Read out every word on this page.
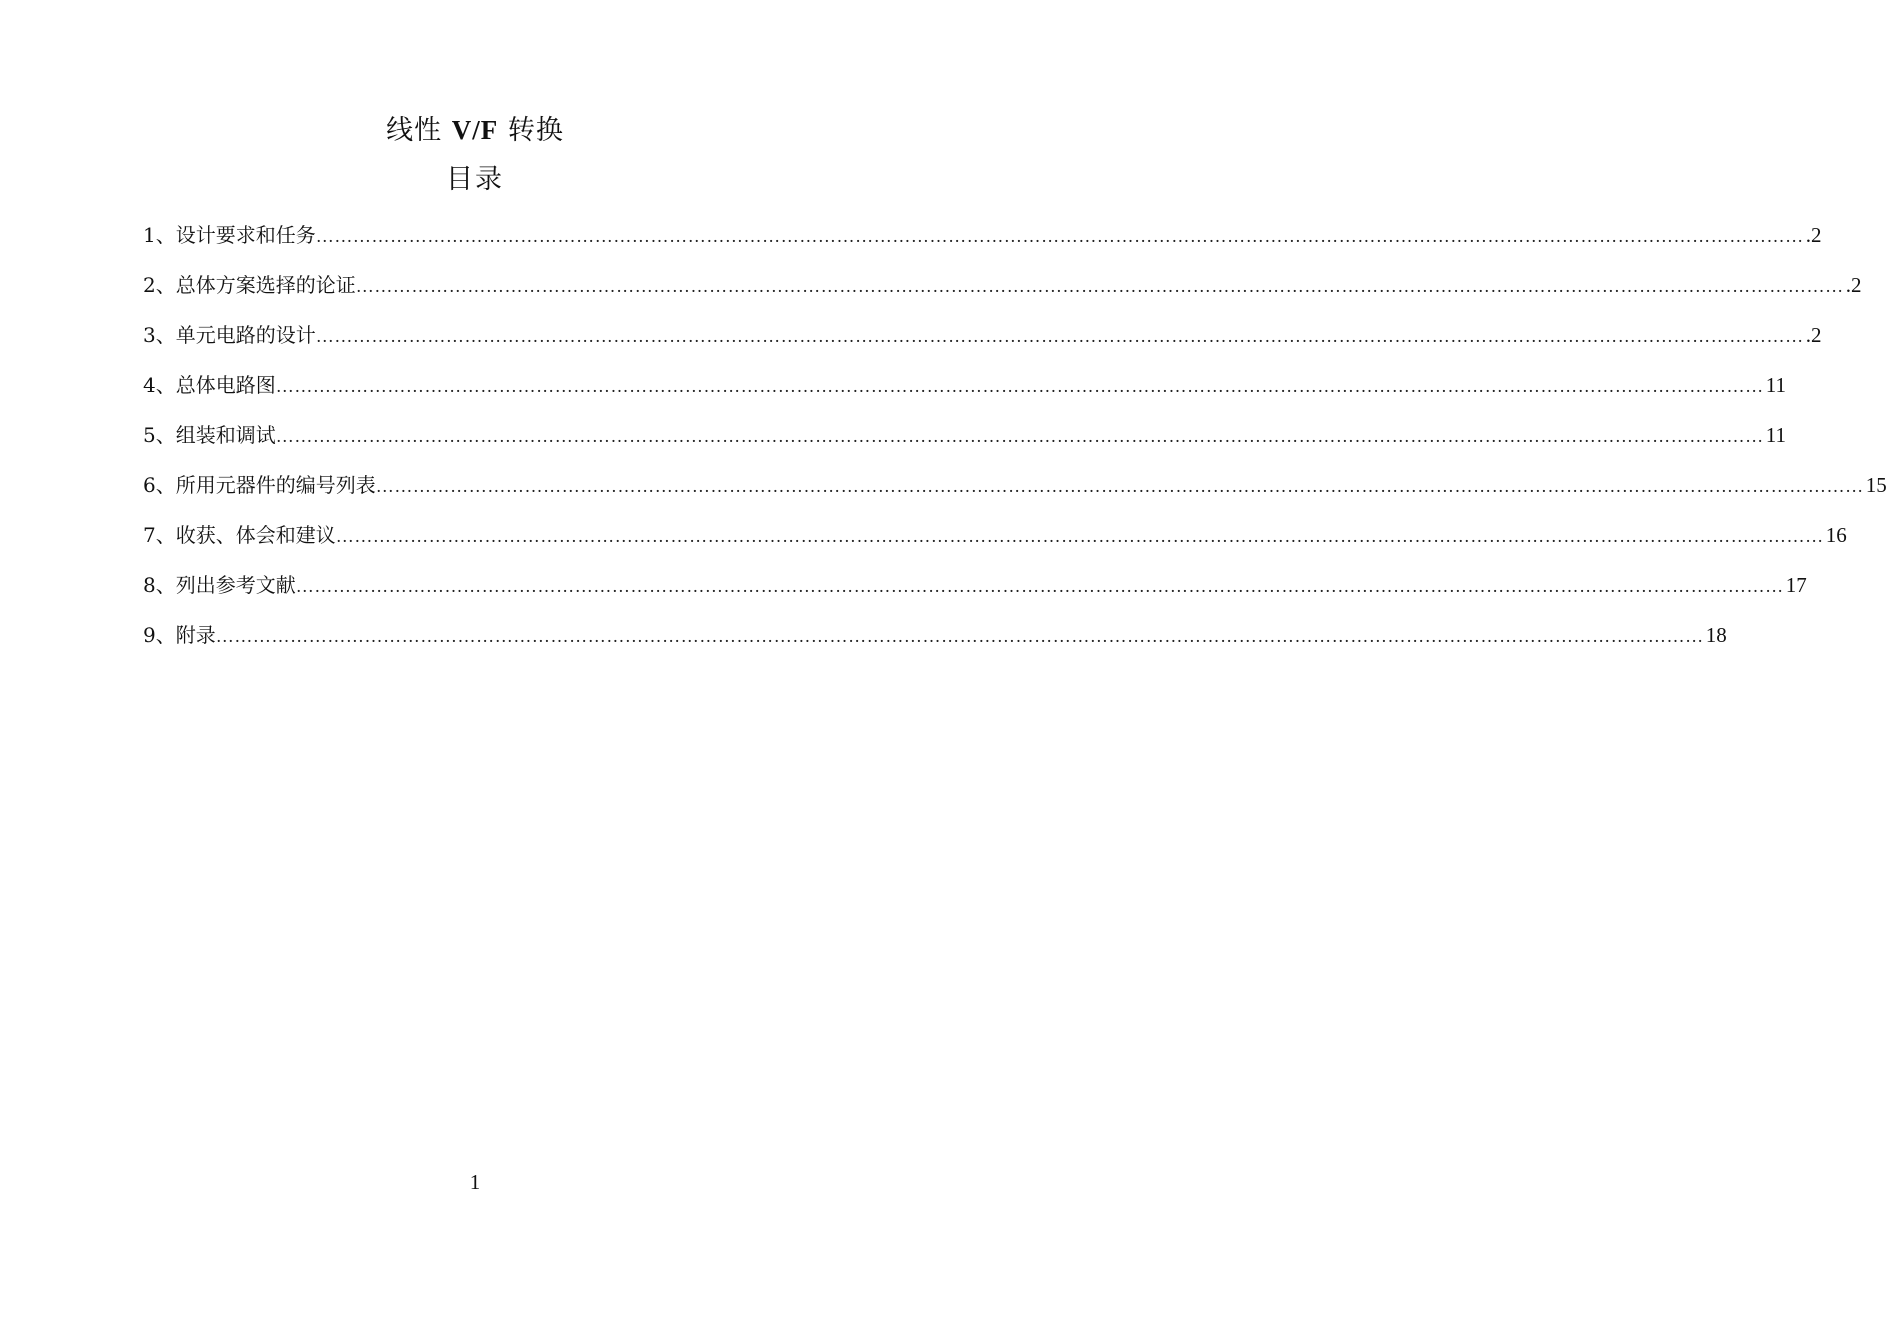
线性 V/F 转换
目录
1、设计要求和任务 …………………………………………………………………………………………………………………………………………………………………………………………………………………… .2
2、总体方案选择的论证 …………………………………………………………………………………………………………………………………………………………………………………………………………………… .2
3、单元电路的设计 …………………………………………………………………………………………………………………………………………………………………………………………………………………… .2
4、总体电路图 …………………………………………………………………………………………………………………………………………………………………………………………………………………… 11
5、组装和调试 …………………………………………………………………………………………………………………………………………………………………………………………………………………… 11
6、所用元器件的编号列表 …………………………………………………………………………………………………………………………………………………………………………………………………………………… 15
7、收获、体会和建议 …………………………………………………………………………………………………………………………………………………………………………………………………………………… 16
8、列出参考文献 …………………………………………………………………………………………………………………………………………………………………………………………………………………… 17
9、附录 …………………………………………………………………………………………………………………………………………………………………………………………………………………… 18
1
